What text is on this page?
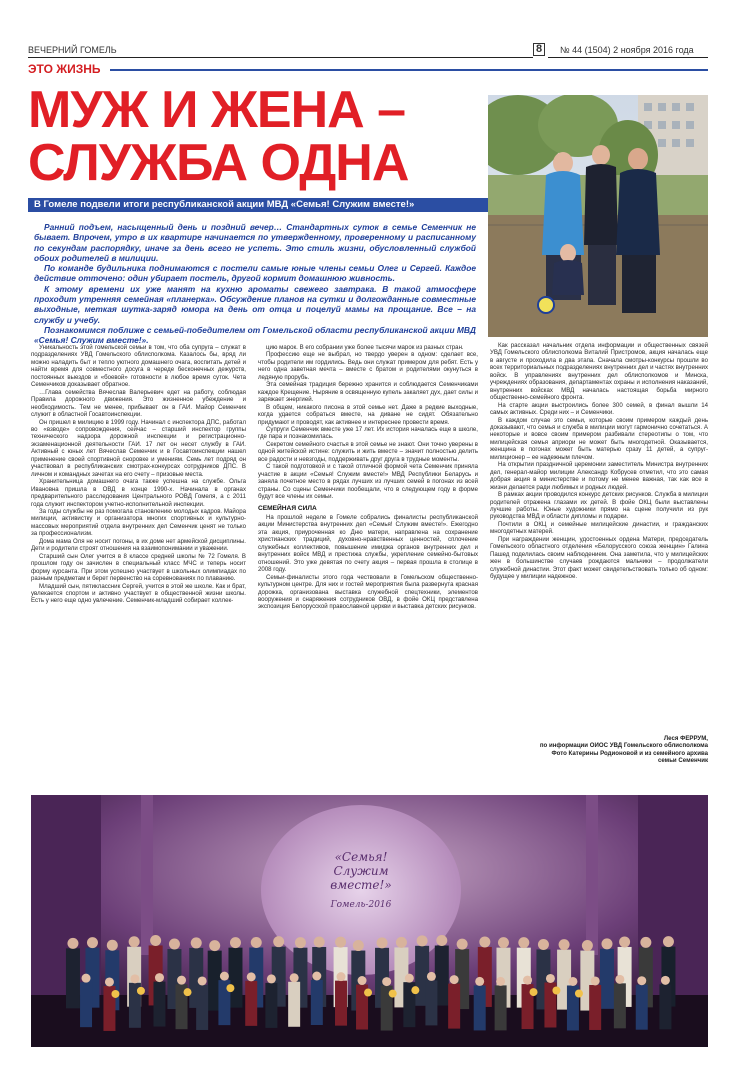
ВЕЧЕРНИЙ ГОМЕЛЬ	8	№ 44 (1504) 2 ноября 2016 года
ЭТО ЖИЗНЬ
МУЖ И ЖЕНА –
СЛУЖБА ОДНА
В Гомеле подвели итоги республиканской акции МВД «Семья! Служим вместе!»
Ранний подъем, насыщенный день и поздний вечер… Стандартных суток в семье Семенчик не бывает. Впрочем, утро в их квартире начинается по утвержденному, проверенному и расписанному по секундам распорядку, иначе за день всего не успеть. Это стиль жизни, обусловленный службой обоих родителей в милиции.
По команде будильника поднимаются с постели самые юные члены семьи Олег и Сергей. Каждое действие отточено: один убирает постель, другой кормит домашнюю живность.
К этому времени их уже манят на кухню ароматы свежего завтрака. В такой атмосфере проходит утренняя семейная «планерка». Обсуждение планов на сутки и долгожданные совместные выходные, меткая шутка-заряд юмора на день от отца и поцелуй мамы на прощание. Все – на службу и учебу.
Познакомимся поближе с семьей-победителем от Гомельской области республиканской акции МВД «Семья! Служим вместе!».

Уникальность этой гомельской семьи в том, что оба супруга – служат в подразделениях УВД Гомельского облисполкома. Казалось бы, вряд ли можно наладить быт и тепло уютного домашнего очага, воспитать детей и найти время для совместного досуга в череде бесконечных дежурств, постоянных выездов и «боевой» готовности в любое время суток. Чета Семенчиков доказывает обратное.

…Глава семейства Вячеслав Валерьевич едет на работу, соблюдая Правила дорожного движения. Это жизненное убеждение и необходимость. Тем не менее, прибывает он в ГАИ. Майор Семенчик служит в областной Госавтоинспекции.

Он пришел в милицию в 1999 году. Начинал с инспектора ДПС, работал во «взводе» сопровождения, сейчас – старший инспектор группы технического надзора дорожной инспекции и регистрационно-экзаменационной деятельности ГАИ. 17 лет он несет службу в ГАИ. Активный с юных лет Вячеслав Семенчик и в Госавтоинспекции нашел применение своей спортивной сноровке и умениям. Семь лет подряд он участвовал в республиканских смотрах-конкурсах сотрудников ДПС. В личном и командных зачетах на его счету – призовые места.

Хранительница домашнего очага также успешна на службе. Ольга Ивановна пришла в ОВД в конце 1990-х. Начинала в органах предварительного расследования Центрального РОВД Гомеля, а с 2011 года служит инспектором учетно-исполнительной инспекции.

За годы службы не раз помогала становлению молодых кадров. Майора милиции, активистку и организатора многих спортивных и культурно-массовых мероприятий отдела внутренних дел Семенчик ценят не только за профессионализм.

Дома мама Оля не носит погоны, в их доме нет армейской дисциплины. Дети и родители строят отношения на взаимопонимании и уважении.

Старший сын Олег учится в 8 классе средней школы № 72 Гомеля. В прошлом году он зачислен в специальный класс МЧС и теперь носит форму курсанта. При этом успешно участвует в школьных олимпиадах по разным предметам и берет первенство на соревнованиях по плаванию.

Младший сын, пятиклассник Сергей, учится в этой же школе. Как и брат, увлекается спортом и активно участвует в общественной жизни школы. Есть у него еще одно увлечение. Семенчик-младший собирает коллек-

цию марок. В его собрании уже более тысячи марок из разных стран.

Профессию еще не выбрал, но твердо уверен в одном: сделает все, чтобы родители им гордились. Ведь они служат примером для ребят. Есть у него одна заветная мечта – вместе с братом и родителями окунуться в ледяную прорубь.

Эта семейная традиция бережно хранится и соблюдается Семенчиками каждое Крещение. Ныряние в освященную купель закаляет дух, дает силы и заряжает энергией.

В общем, никакого писона в этой семье нет. Даже в редкие выходные, когда удается собраться вместе, на диване не сидят. Обязательно придумают и проводят, как активнее и интереснее провести время.

Супруги Семенчик вместе уже 17 лет. Их история началась еще в школе, где пара и познакомилась.

Секретом семейного счастья в этой семье не знают. Они точно уверены в одной житейской истине: служить и жить вместе – значит полностью делить все радости и невзгоды, поддерживать друг друга в трудные моменты.

С такой подготовкой и с такой отличной формой чета Семенчик приняла участие в акции «Семья! Служим вместе!» МВД Республики Беларусь и заняла почетное место в рядах лучших из лучших семей в погонах из всей страны. Со сцены Семенчики пообещали, что в следующем году в форме будут все члены их семьи.

СЕМЕЙНАЯ СИЛА

На прошлой неделе в Гомеле собрались финалисты республиканской акции Министерства внутренних дел «Семья! Служим вместе!». Ежегодно эта акция, приуроченная ко Дню матери, направлена на сохранение христианских традиций, духовно-нравственных ценностей, сплочение служебных коллективов, повышение имиджа органов внутренних дел и внутренних войск МВД и престижа службы, укрепление семейно-бытовых отношений. Это уже девятая по счету акция – первая прошла в столице в 2008 году.

Семьи-финалисты этого года чествовали в Гомельском общественно-культурном центре. Для них и гостей мероприятия была развернута красная дорожка, организована выставка служебной спецтехники, элементов вооружения и снаряжения сотрудников ОВД, в фойе ОКЦ представлена экспозиция Белорусской православной церкви и выставка детских рисунков.

Как рассказал начальник отдела информации и общественных связей УВД Гомельского облисполкома Виталий Пристромов, акция началась еще в августе и проходила в два этапа. Сначала смотры-конкурсы прошли во всех территориальных подразделениях внутренних дел и частях внутренних войск. В управлениях внутренних дел облисполкомов и Минска, учреждениях образования, департаментах охраны и исполнения наказаний, внутренних войсках МВД началась настоящая борьба мирного общественно-семейного фронта.

На старте акции выстроились более 300 семей, в финал вышли 14 самых активных. Среди них – и Семенчики.

В каждом случае это семьи, которые своим примером каждый день доказывают, что семья и служба в милиции могут гармонично сочетаться. А некоторые и вовсе своим примером разбивали стереотипы о том, что милицейская семья априори не может быть многодетной. Оказывается, женщина в погонах может быть матерью сразу 11 детей, а супруг-милиционер – ее надежным плечом.

На открытии праздничной церемонии заместитель Министра внутренних дел, генерал-майор милиции Александр Кобрусев отметил, что это самая добрая акция в министерстве и потому не менее важная, так как все в жизни делается ради любимых и родных людей.

В рамках акции проводился конкурс детских рисунков. Служба в милиции родителей отражена глазами их детей. В фойе ОКЦ были выставлены лучшие работы. Юные художники прямо на сцене получили из рук руководства МВД и области дипломы и подарки.

Почтили в ОКЦ и семейные милицейские династии, и гражданских многодетных матерей.

При награждении женщин, удостоенных ордена Матери, председатель Гомельского областного отделения «Белорусского союза женщин» Галина Пашед поделилась своим наблюдением. Она заметила, что у милицейских жен в большинстве случаев рождаются мальчики – продолжатели служебной династии. Этот факт может свидетельствовать только об одном: будущее у милиции надежное.

Леся ФЕРРУМ,
по информации ОИОС УВД Гомельского облисполкома
Фото Катерины Родионовой и из семейного архива
семьи Семенчик
«Семья!
Служим вместе!»
Гомель-2016
